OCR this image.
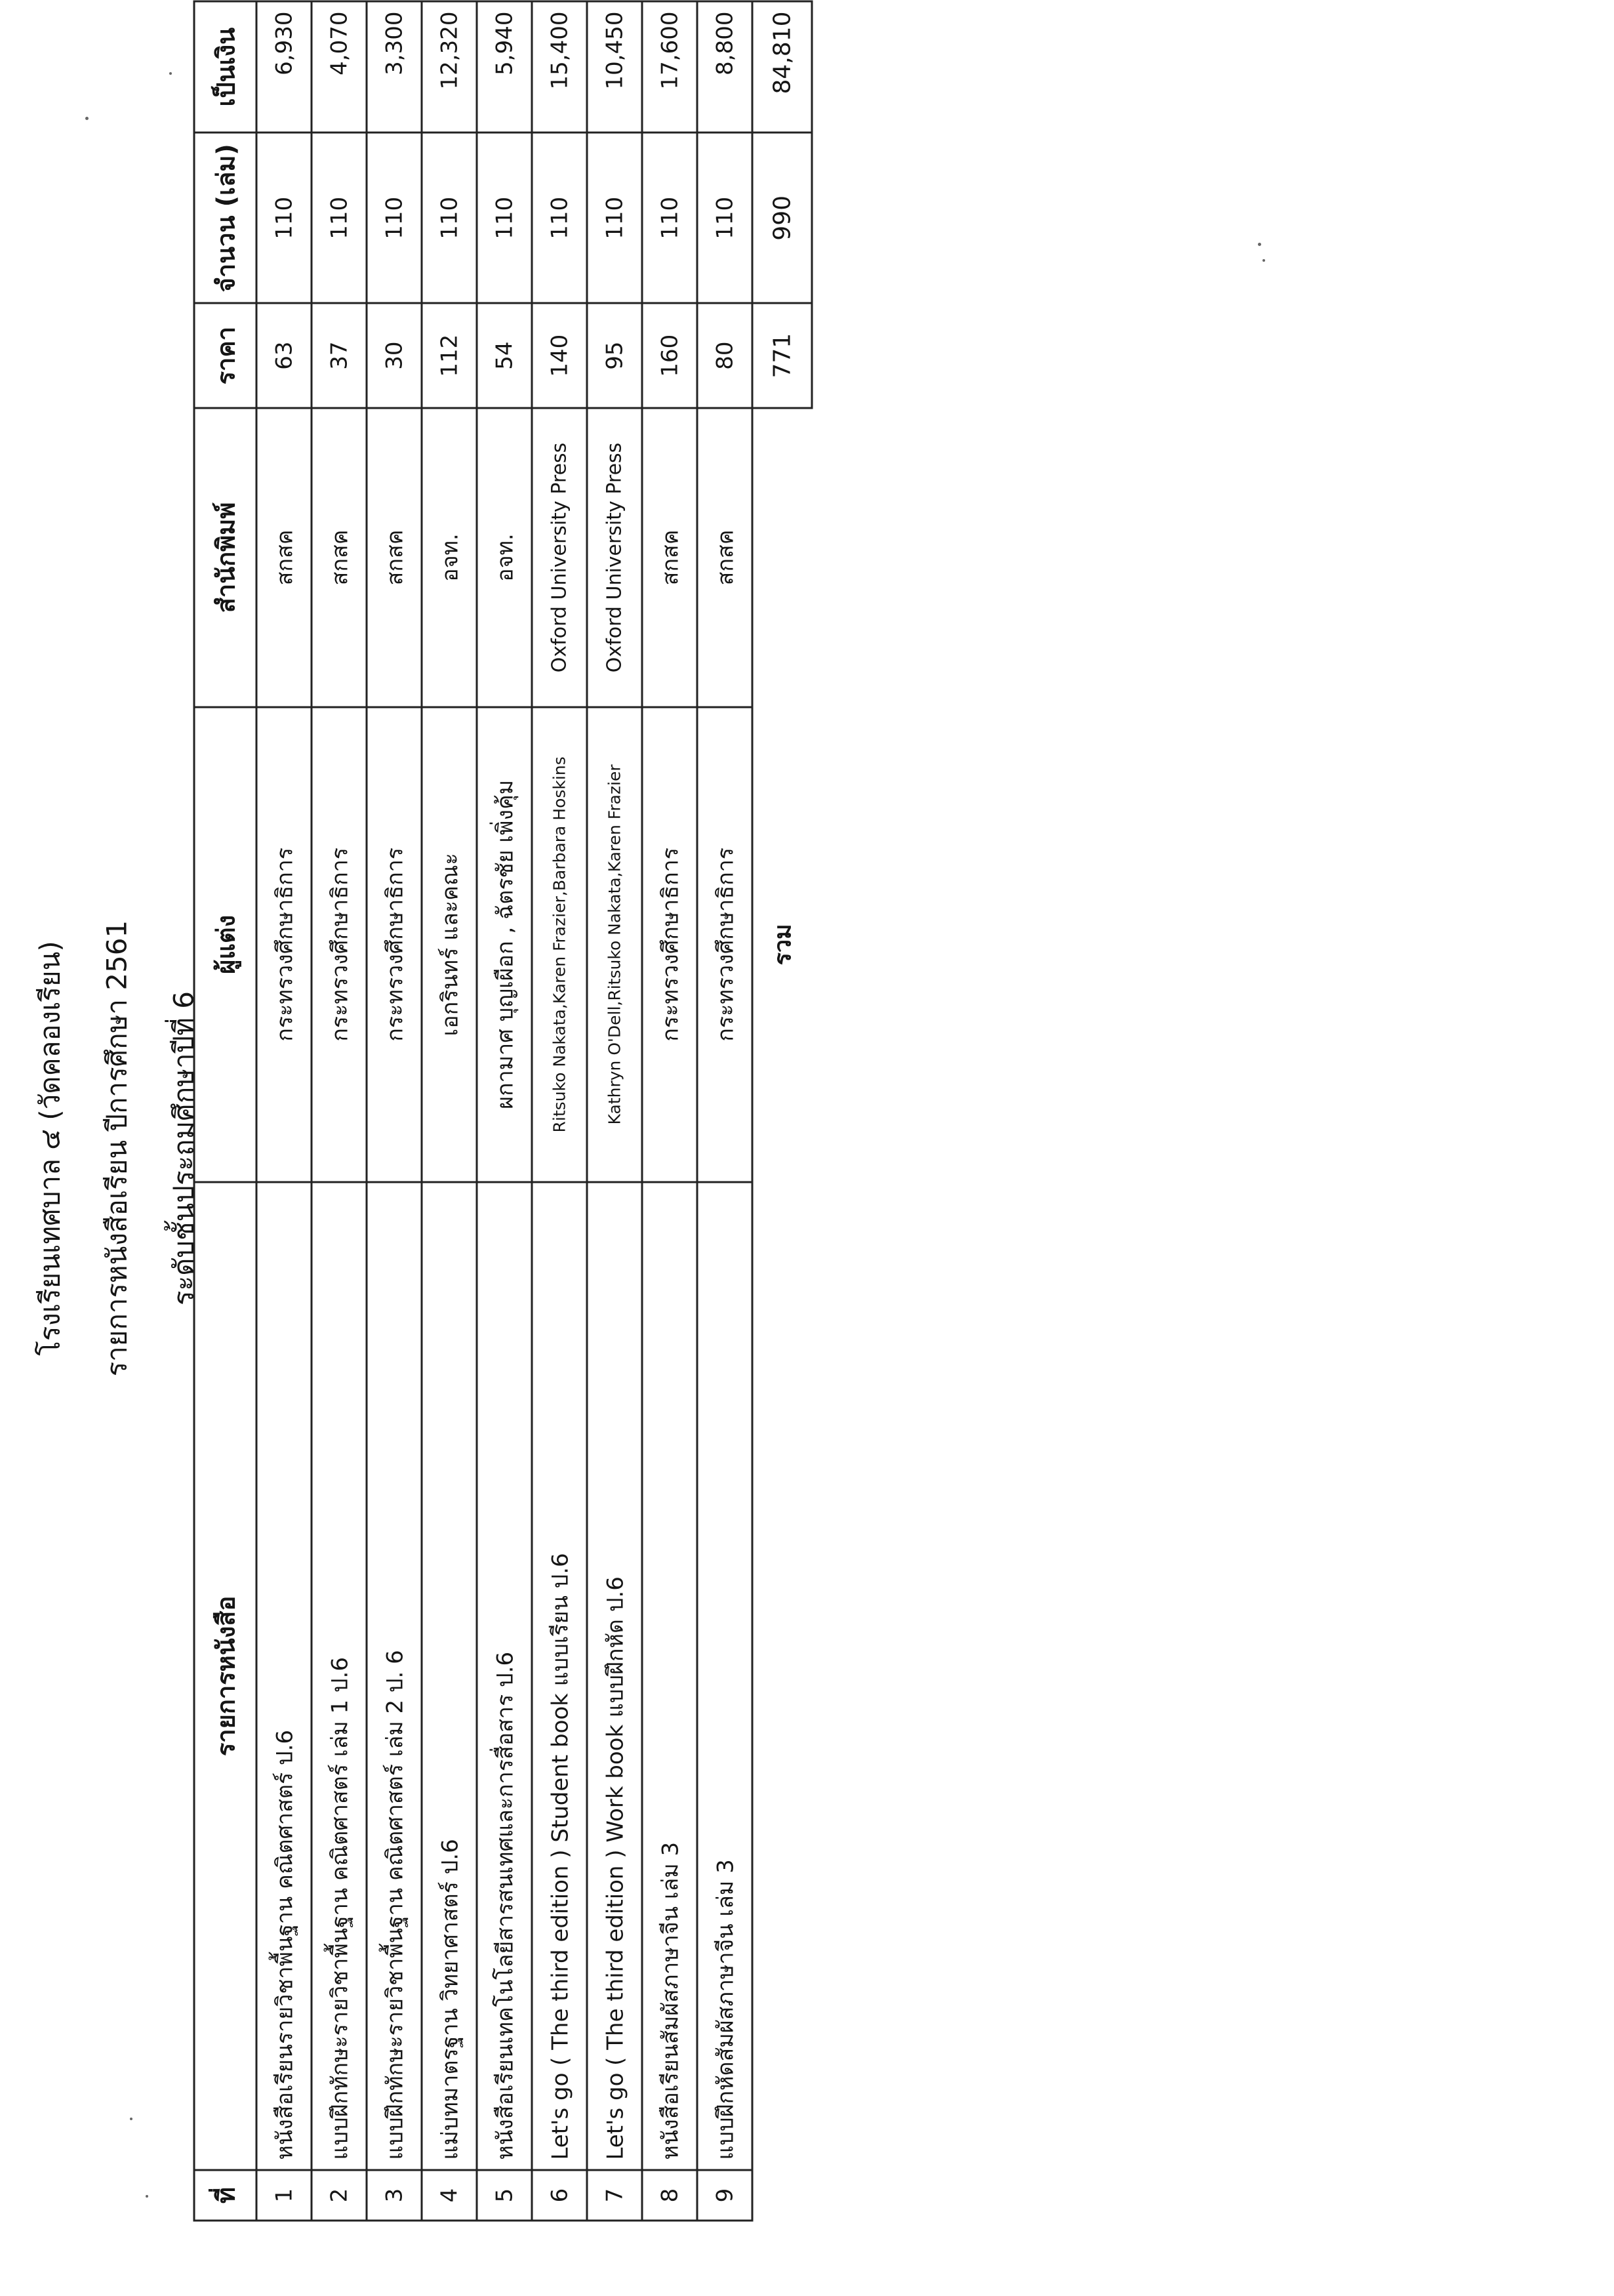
โรงเรียนเทศบาล ๔ (วัดคลองเรียน) รายการหนังสือเรียน ปีการศึกษา 2561 ระดับชั้นประถมศึกษาปีที่ 6
ที่	รายการหนังสือ	ผู้แต่ง	สำนักพิมพ์	ราคา	จำนวน (เล่ม)	เป็นเงิน
1	หนังสือเรียนรายวิชาพื้นฐาน คณิตศาสตร์ ป.6	กระทรวงศึกษาธิการ	สกสค	63	110	6,930
2	แบบฝึกทักษะรายวิชาพื้นฐาน คณิตศาสตร์ เล่ม 1 ป.6	กระทรวงศึกษาธิการ	สกสค	37	110	4,070
3	แบบฝึกทักษะรายวิชาพื้นฐาน คณิตศาสตร์ เล่ม 2 ป. 6	กระทรวงศึกษาธิการ	สกสค	30	110	3,300
4	แม่บทมาตรฐาน วิทยาศาสตร์ ป.6	เอกรินทร์ และคณะ	อจท.	112	110	12,320
5	หนังสือเรียนเทคโนโลยีสารสนเทศและการสื่อสาร ป.6	ผกามาศ บุญเผือก , ฉัตรชัย เพิ่งคุ้ม	อจท.	54	110	5,940
6	Let's go ( The third edition ) Student book แบบเรียน ป.6	Ritsuko Nakata,Karen Frazier,Barbara Hoskins	Oxford University Press	140	110	15,400
7	Let's go ( The third edition ) Work book แบบฝึกหัด ป.6	Kathryn O'Dell,Ritsuko Nakata,Karen Frazier	Oxford University Press	95	110	10,450
8	หนังสือเรียนสัมผัสภาษาจีน เล่ม 3	กระทรวงศึกษาธิการ	สกสค	160	110	17,600
9	แบบฝึกหัดสัมผัสภาษาจีน เล่ม 3	กระทรวงศึกษาธิการ	สกสค	80	110	8,800
		รวม		771	990	84,810
